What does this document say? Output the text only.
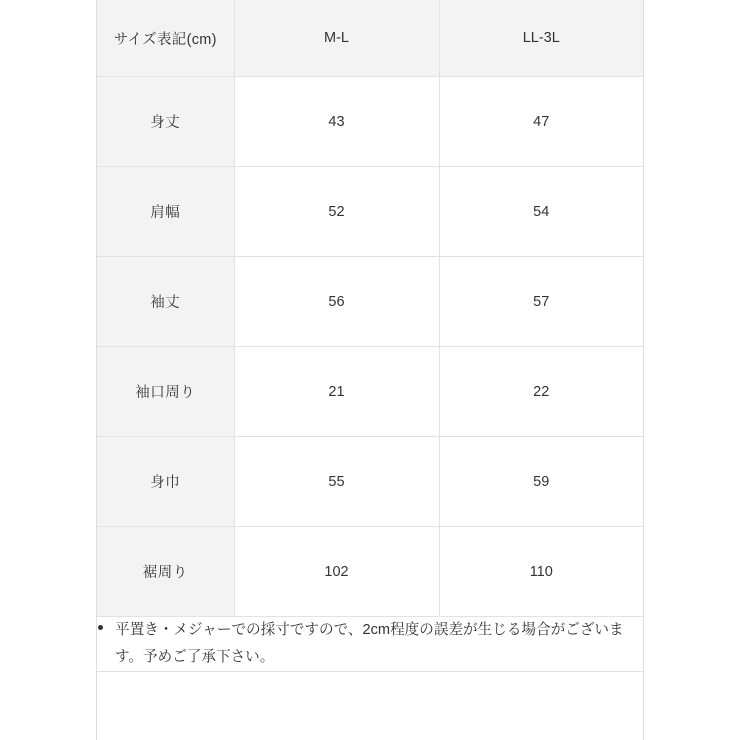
サイズ表記(cm)	M-L	LL-3L
身丈	43	47
肩幅	52	54
袖丈	56	57
袖口周り	21	22
身巾	55	59
裾周り	102	110

平置き・メジャーでの採寸ですので、2cm程度の誤差が生じる場合がございます。予めご了承下さい。
